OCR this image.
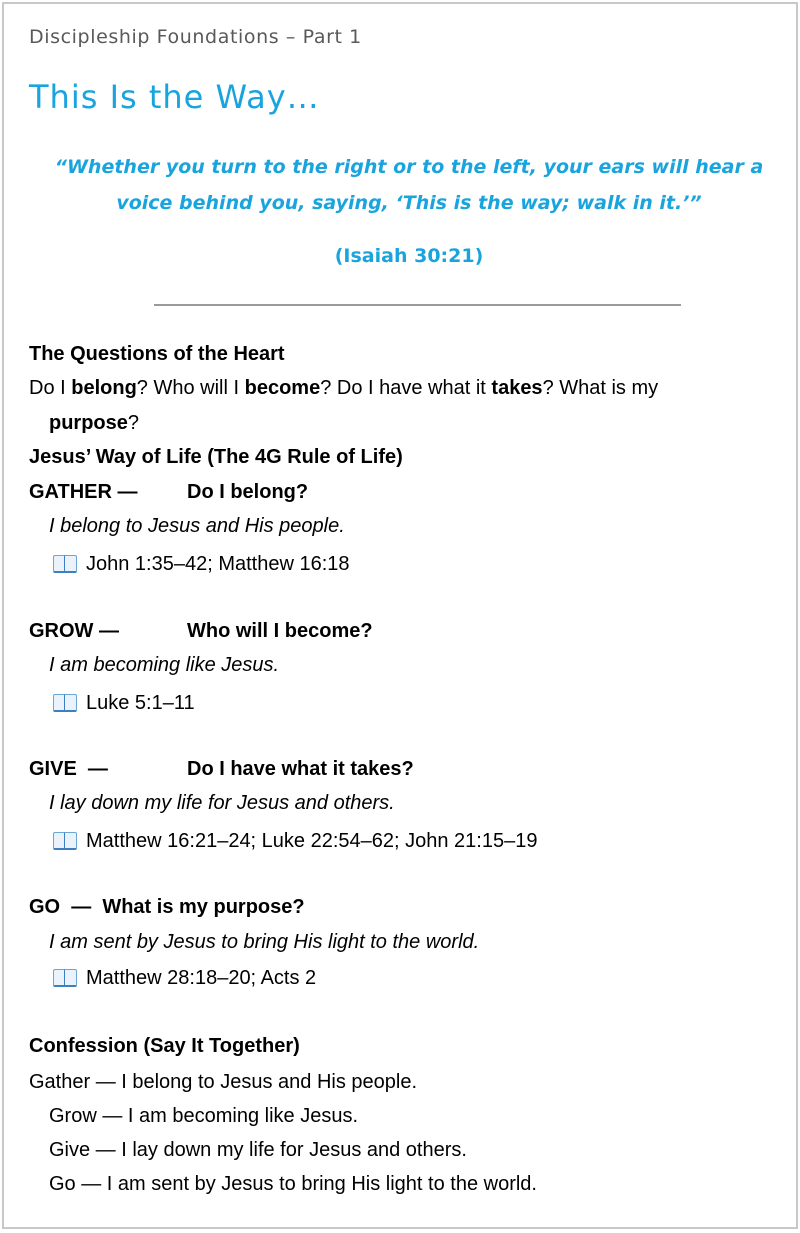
Discipleship Foundations – Part 1
This Is the Way…
“Whether you turn to the right or to the left, your ears will hear a
voice behind you, saying, ‘This is the way; walk in it.’”
(Isaiah 30:21)
The Questions of the Heart
Do I belong? Who will I become? Do I have what it takes? What is my
purpose?
Jesus’ Way of Life (The 4G Rule of Life)
GATHER — Do I belong?
I belong to Jesus and His people.
John 1:35–42; Matthew 16:18
GROW —	Who will I become?
I am becoming like Jesus.
Luke 5:1–11
GIVE  —	Do I have what it takes?
I lay down my life for Jesus and others.
Matthew 16:21–24; Luke 22:54–62; John 21:15–19
GO  —  What is my purpose?
I am sent by Jesus to bring His light to the world.
Matthew 28:18–20; Acts 2
Confession (Say It Together)
Gather — I belong to Jesus and His people.
Grow — I am becoming like Jesus.
Give — I lay down my life for Jesus and others.
Go — I am sent by Jesus to bring His light to the world.
